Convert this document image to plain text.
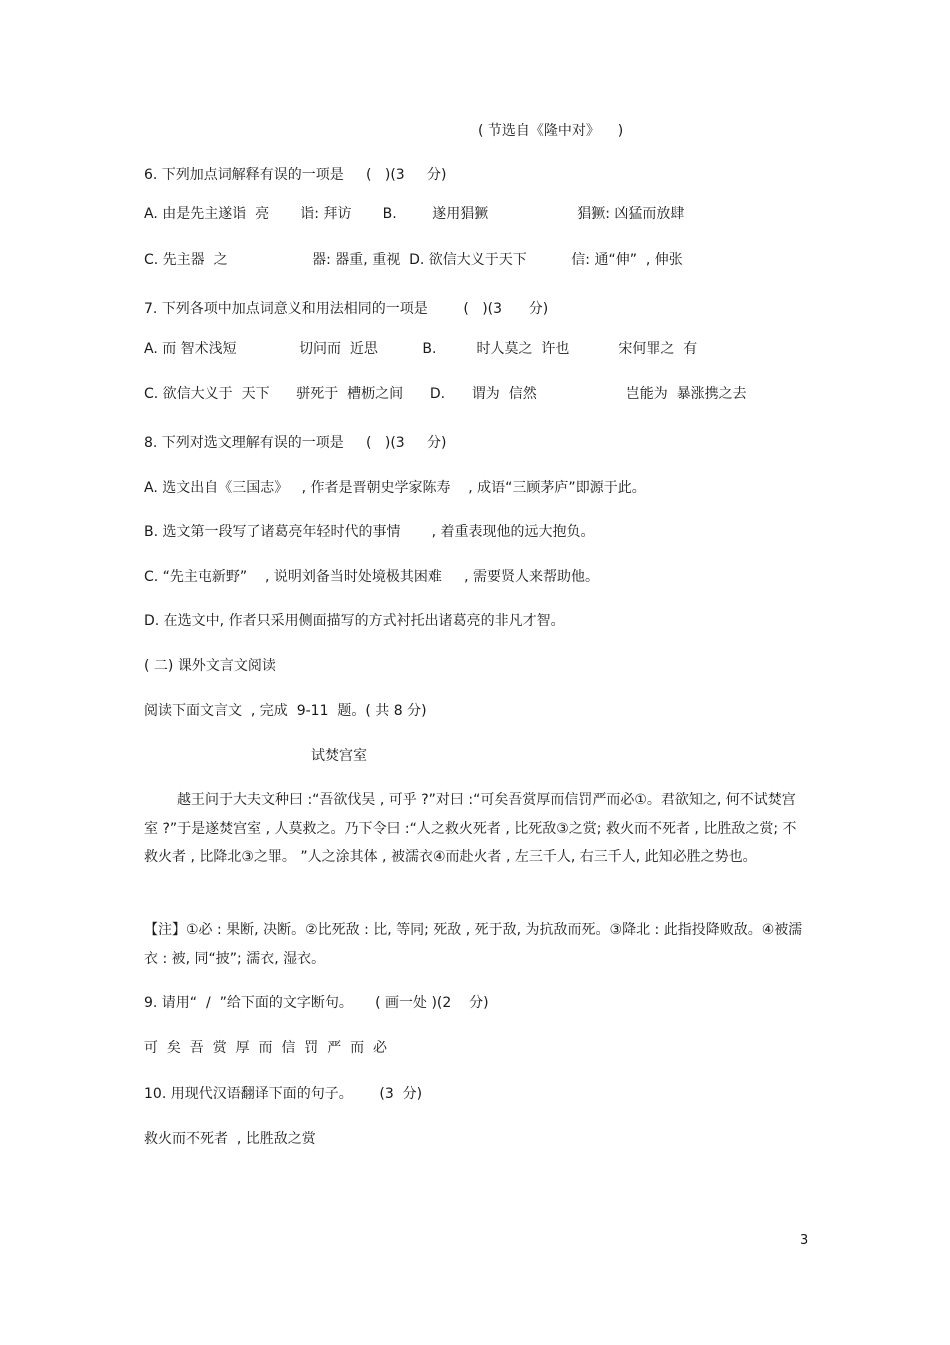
( 节选自《隆中对》    )
6. 下列加点词解释有误的一项是     (   )(3     分)
A. 由是先主遂诣  亮       诣: 拜访       B.        遂用猖獗                    猖獗: 凶猛而放肆
C. 先主器  之                   器: 器重, 重视  D. 欲信大义于天下          信: 通“伸”  , 伸张
7. 下列各项中加点词意义和用法相同的一项是        (   )(3      分)
A. 而 智术浅短              切问而  近思          B.         时人莫之  许也           宋何罪之  有
C. 欲信大义于  天下      骈死于  槽枥之间      D.      谓为  信然                    岂能为  暴涨携之去
8. 下列对选文理解有误的一项是     (   )(3     分)
A. 选文出自《三国志》   , 作者是晋朝史学家陈寿    , 成语“三顾茅庐”即源于此。
B. 选文第一段写了诸葛亮年轻时代的事情       , 着重表现他的远大抱负。
C. “先主屯新野”    , 说明刘备当时处境极其困难     , 需要贤人来帮助他。
D. 在选文中, 作者只采用侧面描写的方式衬托出诸葛亮的非凡才智。
( 二) 课外文言文阅读
阅读下面文言文  , 完成  9-11  题。( 共 8 分)
试焚宫室
越王问于大夫文种曰 :“吾欲伐吴 , 可乎 ?”对曰 :“可矣吾赏厚而信罚严而必①。君欲知之, 何不试焚宫室 ?”于是遂焚宫室 , 人莫救之。乃下令曰 :“人之救火死者 , 比死敌③之赏; 救火而不死者 , 比胜敌之赏; 不救火者 , 比降北③之罪。 ”人之涂其体 , 被濡衣④而赴火者 , 左三千人, 右三千人, 此知必胜之势也。
【注】①必 : 果断, 决断。②比死敌 : 比, 等同; 死敌 , 死于敌, 为抗敌而死。③降北 : 此指投降败敌。④被濡衣 : 被, 同“披”; 濡衣, 湿衣。
9. 请用“  /  ”给下面的文字断句。     ( 画一处 )(2    分)
可  矣  吾  赏  厚  而  信  罚  严  而  必
10. 用现代汉语翻译下面的句子。      (3  分)
救火而不死者  , 比胜敌之赏
3
